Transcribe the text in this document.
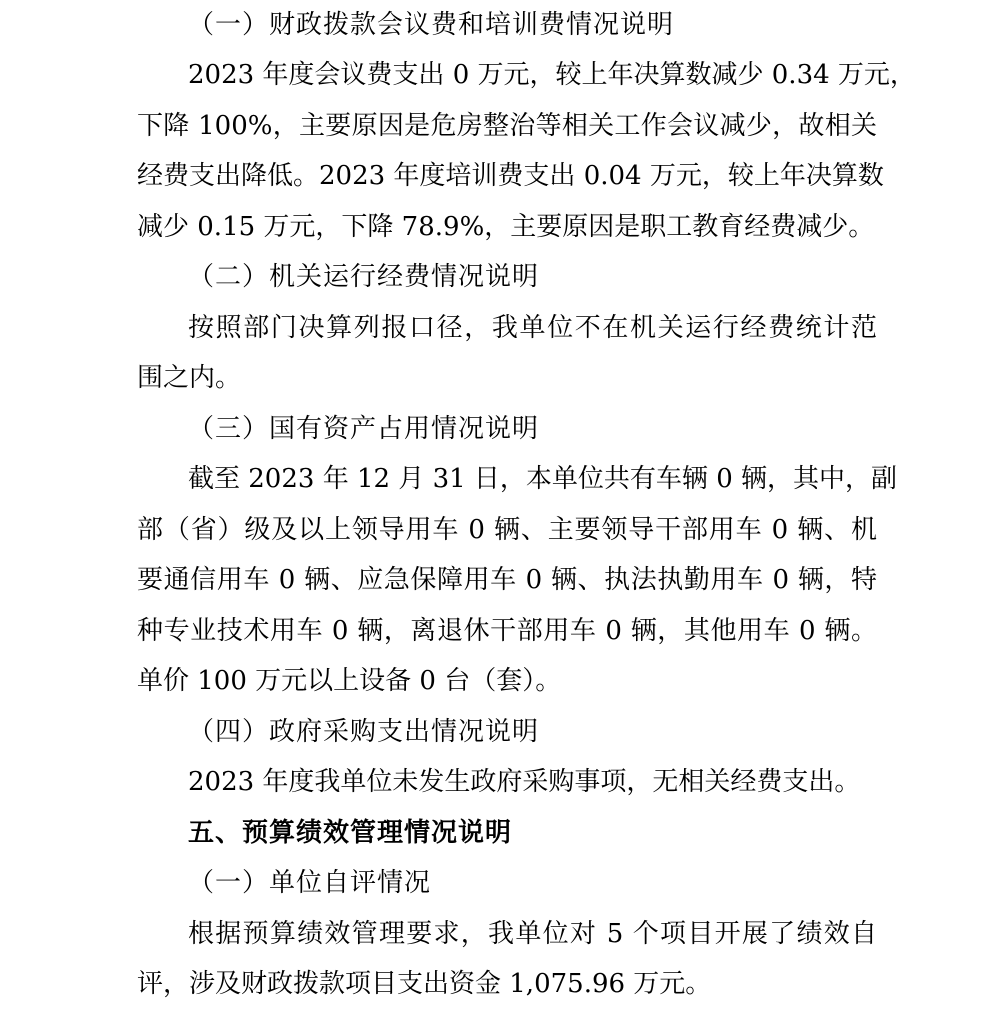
（一）财政拨款会议费和培训费情况说明
2023 年度会议费支出 0 万元，较上年决算数减少 0.34 万元，
下降 100%，主要原因是危房整治等相关工作会议减少，故相关
经费支出降低。2023 年度培训费支出 0.04 万元，较上年决算数
减少 0.15 万元，下降 78.9%，主要原因是职工教育经费减少。
（二）机关运行经费情况说明
按照部门决算列报口径，我单位不在机关运行经费统计范
围之内。
（三）国有资产占用情况说明
截至 2023 年 12 月 31 日，本单位共有车辆 0 辆，其中，副
部（省）级及以上领导用车 0 辆、主要领导干部用车 0 辆、机
要通信用车 0 辆、应急保障用车 0 辆、执法执勤用车 0 辆，特
种专业技术用车 0 辆，离退休干部用车 0 辆，其他用车 0 辆。
单价 100 万元以上设备 0 台（套）。
（四）政府采购支出情况说明
2023 年度我单位未发生政府采购事项，无相关经费支出。
五、预算绩效管理情况说明
（一）单位自评情况
根据预算绩效管理要求，我单位对 5 个项目开展了绩效自
评，涉及财政拨款项目支出资金 1,075.96 万元。
